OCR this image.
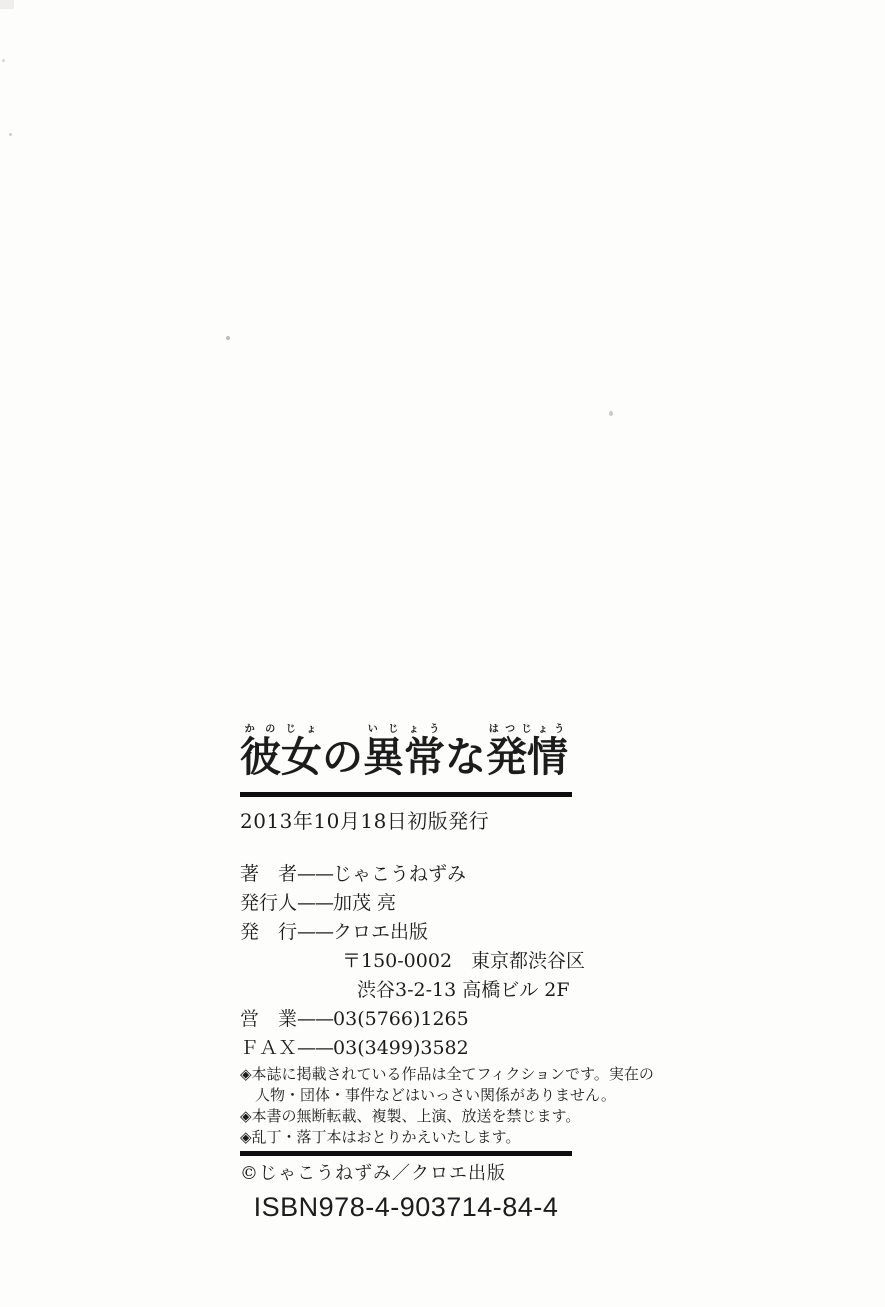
彼女かのじょの異常いじょうな発情はつじょう
2013年10月18日初版発行
著　者 —— じゃこうねずみ
発行人 —— 加茂 亮
発　行 —— クロエ出版
〒150-0002　東京都渋谷区
渋谷3-2-13 高橋ビル 2F
営　業 —— 03(5766)1265
ＦＡＸ —— 03(3499)3582
◈本誌に掲載されている作品は全てフィクションです。実在の
　人物・団体・事件などはいっさい関係がありません。
◈本書の無断転載、複製、上演、放送を禁じます。
◈乱丁・落丁本はおとりかえいたします。
©じゃこうねずみ／クロエ出版
ISBN978-4-903714-84-4
